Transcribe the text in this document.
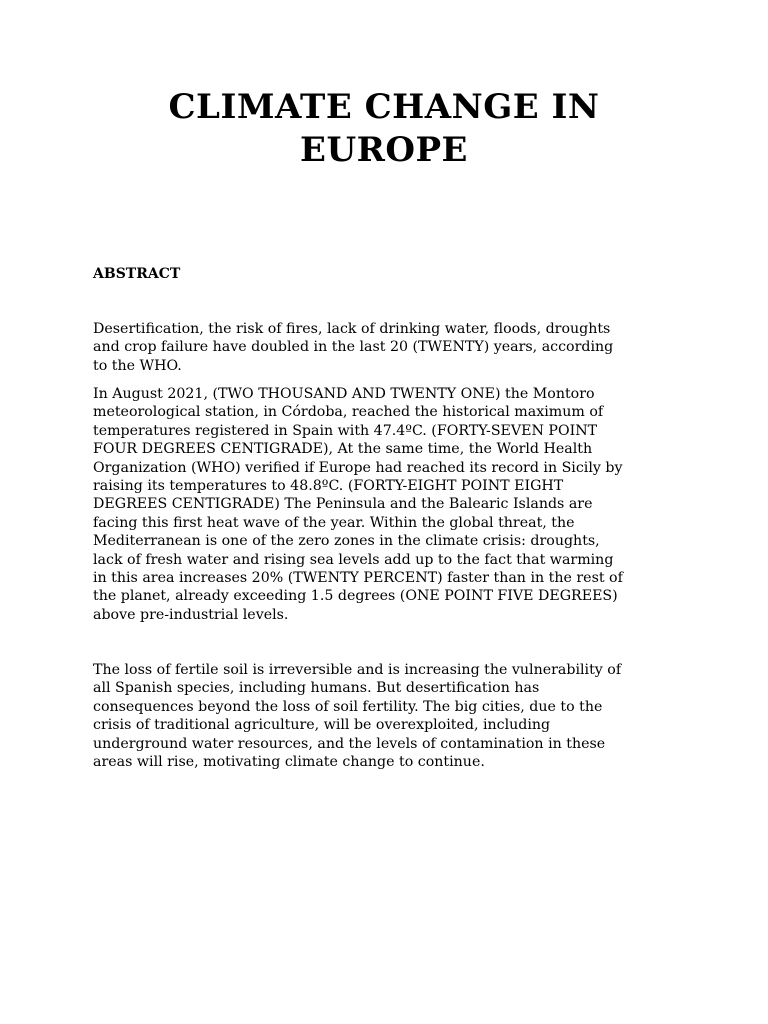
CLIMATE CHANGE IN
EUROPE
ABSTRACT

Desertification, the risk of fires, lack of drinking water, floods, droughts
and crop failure have doubled in the last 20 (TWENTY) years, according
to the WHO.

In August 2021, (TWO THOUSAND AND TWENTY ONE) the Montoro
meteorological station, in Córdoba, reached the historical maximum of
temperatures registered in Spain with 47.4ºC. (FORTY-SEVEN POINT
FOUR DEGREES CENTIGRADE), At the same time, the World Health
Organization (WHO) verified if Europe had reached its record in Sicily by
raising its temperatures to 48.8ºC. (FORTY-EIGHT POINT EIGHT
DEGREES CENTIGRADE) The Peninsula and the Balearic Islands are
facing this first heat wave of the year. Within the global threat, the
Mediterranean is one of the zero zones in the climate crisis: droughts,
lack of fresh water and rising sea levels add up to the fact that warming
in this area increases 20% (TWENTY PERCENT) faster than in the rest of
the planet, already exceeding 1.5 degrees (ONE POINT FIVE DEGREES)
above pre-industrial levels.

The loss of fertile soil is irreversible and is increasing the vulnerability of
all Spanish species, including humans. But desertification has
consequences beyond the loss of soil fertility. The big cities, due to the
crisis of traditional agriculture, will be overexploited, including
underground water resources, and the levels of contamination in these
areas will rise, motivating climate change to continue.
